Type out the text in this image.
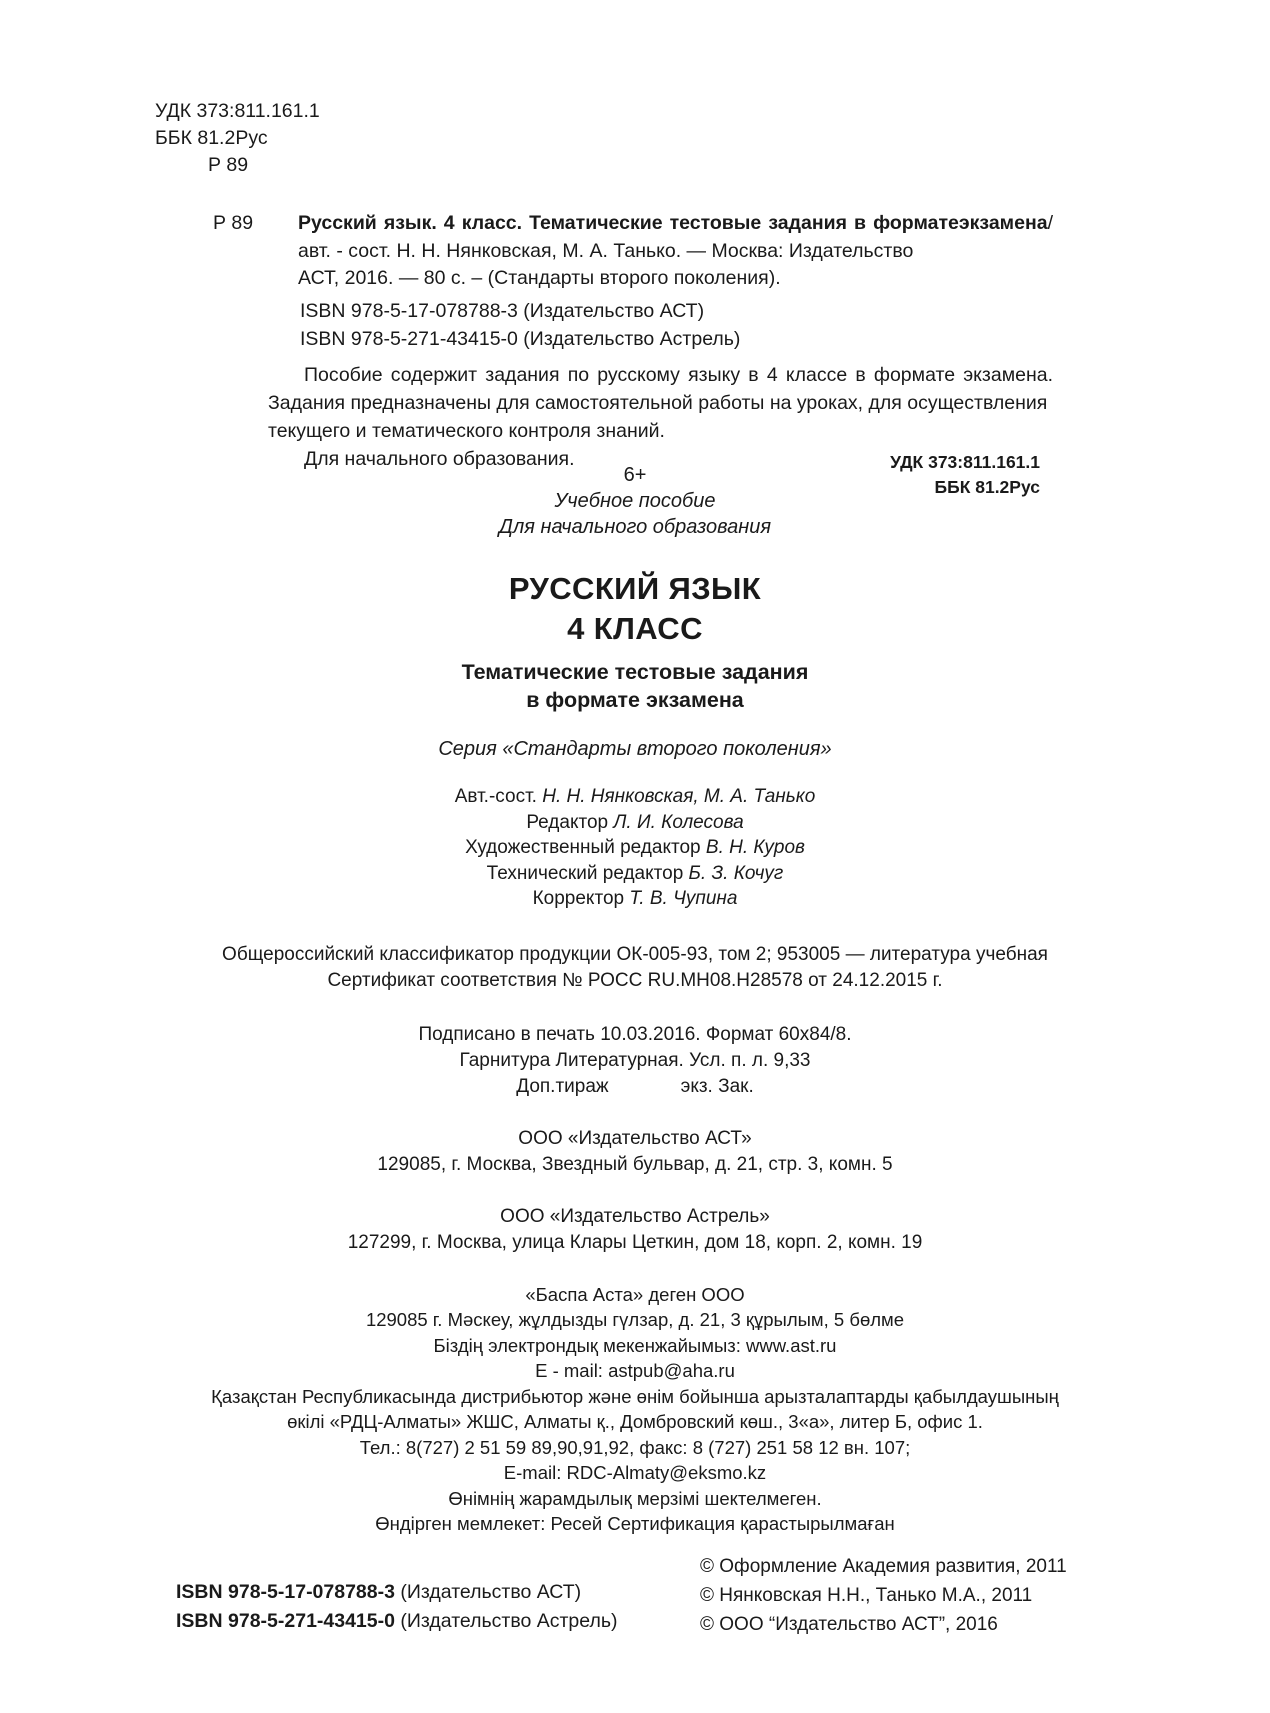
УДК 373:811.161.1
ББК 81.2Рус
Р 89
Р 89	Русский язык. 4 класс. Тематические тестовые задания в форматеэкзамена/авт. - сост. Н. Н. Нянковская, М. А. Танько. — Москва: Издательство
АСТ, 2016. — 80 с. – (Стандарты второго поколения).
ISBN 978-5-17-078788-3 (Издательство АСТ)
ISBN 978-5-271-43415-0 (Издательство Астрель)

Пособие содержит задания по русскому языку в 4 классе в формате экзамена. Задания предназначены для самостоятельной работы на уроках, для осуществления

текущего и тематического контроля знаний.

Для начального образования.	УДК 373:811.161.1
ББК 81.2Рус
6+
Учебное пособие
Для начального образования
РУССКИЙ ЯЗЫК
4 КЛАСС
Тематические тестовые задания
в формате экзамена
Серия «Стандарты второго поколения»
Авт.-сост. Н. Н. Нянковская, М. А. Танько
Редактор Л. И. Колесова
Художественный редактор В. Н. Куров
Технический редактор Б. З. Кочуг
Корректор Т. В. Чупина
Общероссийский классификатор продукции ОК-005-93, том 2; 953005 — литература учебная
Сертификат соответствия № РОСС RU.МН08.Н28578 от 24.12.2015 г.
Подписано в печать 10.03.2016. Формат 60x84/8.
Гарнитура Литературная. Усл. п. л. 9,33
Доп.тираж	экз. Зак.
ООО «Издательство АСТ»
129085, г. Москва, Звездный бульвар, д. 21, стр. 3, комн. 5
ООО «Издательство Астрель»
127299, г. Москва, улица Клары Цеткин, дом 18, корп. 2, комн. 19
«Баспа Аста» деген ООО
129085 г. Мәскеу, жұлдызды гүлзар, д. 21, 3 құрылым, 5 бөлме
Біздің электрондық мекенжайымыз: www.ast.ru
E - mail: astpub@aha.ru
Қазақстан Республикасында дистрибьютор және өнім бойынша арызталаптарды қабылдаушының
өкілі «РДЦ-Алматы» ЖШС, Алматы қ., Домбровский көш., 3«а», литер Б, офис 1.
Тел.: 8(727) 2 51 59 89,90,91,92, факс: 8 (727) 251 58 12 вн. 107;
E-mail: RDC-Almaty@eksmo.kz
Өнімнің жарамдылық мерзімі шектелмеген.
Өндірген мемлекет: Ресей Сертификация қарастырылмаған
ISBN 978-5-17-078788-3 (Издательство АСТ)
ISBN 978-5-271-43415-0 (Издательство Астрель)
© Оформление Академия развития, 2011
© Нянковская Н.Н., Танько М.А., 2011
© ООО “Издательство АСТ”, 2016
